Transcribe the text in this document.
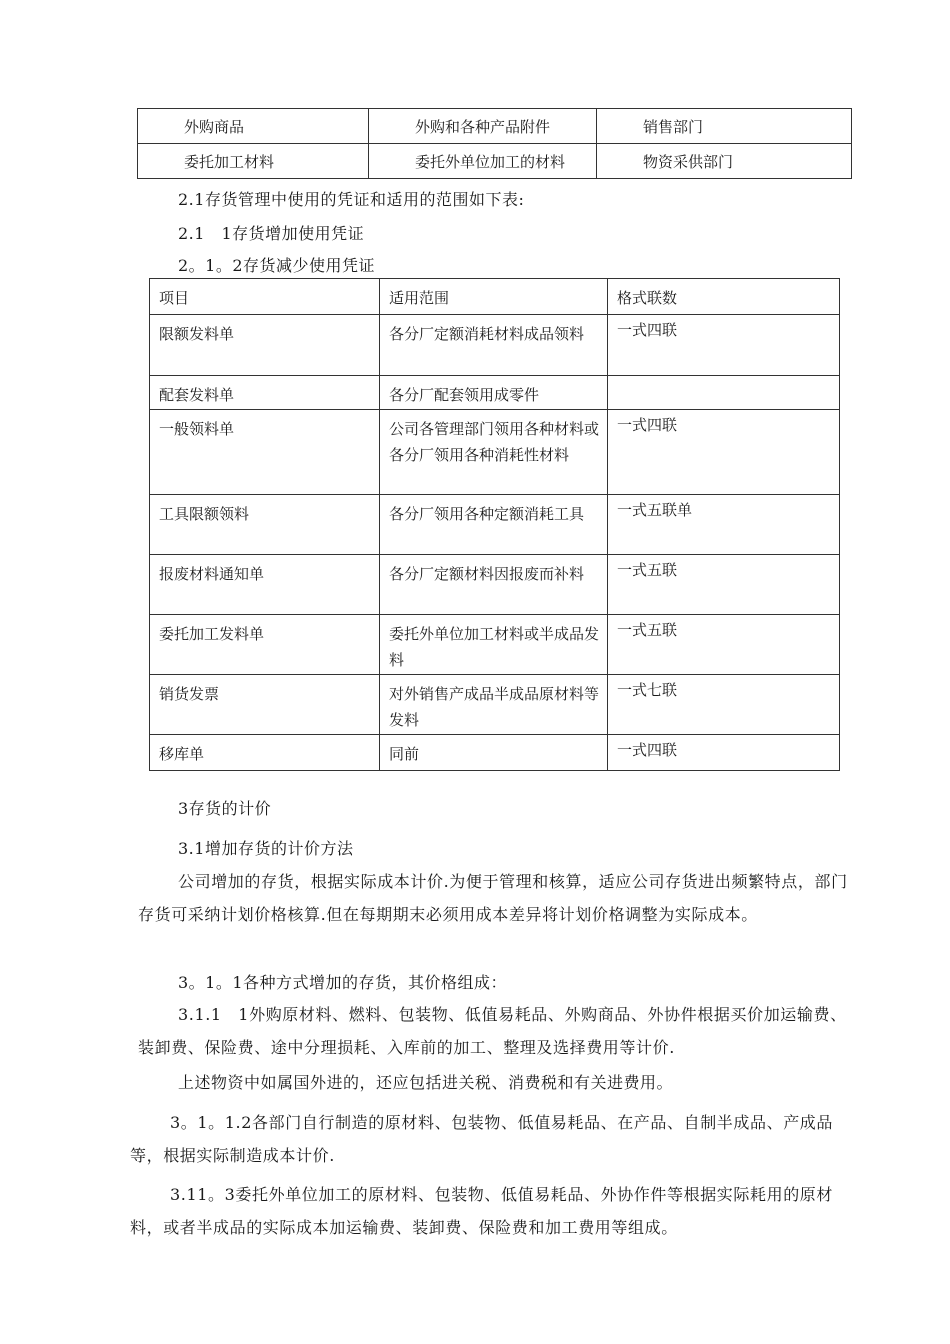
外购商品	外购和各种产品附件	销售部门

委托加工材料	委托外单位加工的材料	物资采供部门
2.1存货管理中使用的凭证和适用的范围如下表:
2.1　1存货增加使用凭证
2。1。2存货减少使用凭证
项目	适用范围	格式联数
限额发料单	各分厂定额消耗材料成品领料	一式四联
配套发料单	各分厂配套领用成零件	
一般领料单	公司各管理部门领用各种材料或各分厂领用各种消耗性材料	一式四联
工具限额领料	各分厂领用各种定额消耗工具	一式五联单
报废材料通知单	各分厂定额材料因报废而补料	一式五联
委托加工发料单	委托外单位加工材料或半成品发料	一式五联
销货发票	对外销售产成品半成品原材料等发料	一式七联
移库单	同前	一式四联
3存货的计价
3.1增加存货的计价方法
公司增加的存货，根据实际成本计价.为便于管理和核算，适应公司存货进出频繁特点，部门存货可采纳计划价格核算.但在每期期末必须用成本差异将计划价格调整为实际成本。
3。1。1各种方式增加的存货，其价格组成：
3.1.1　1外购原材料、燃料、包装物、低值易耗品、外购商品、外协件根据买价加运输费、装卸费、保险费、途中分理损耗、入库前的加工、整理及选择费用等计价.
上述物资中如属国外进的，还应包括进关税、消费税和有关进费用。
3。1。1.2各部门自行制造的原材料、包装物、低值易耗品、在产品、自制半成品、产成品等，根据实际制造成本计价.
3.11。3委托外单位加工的原材料、包装物、低值易耗品、外协作件等根据实际耗用的原材料，或者半成品的实际成本加运输费、装卸费、保险费和加工费用等组成。
